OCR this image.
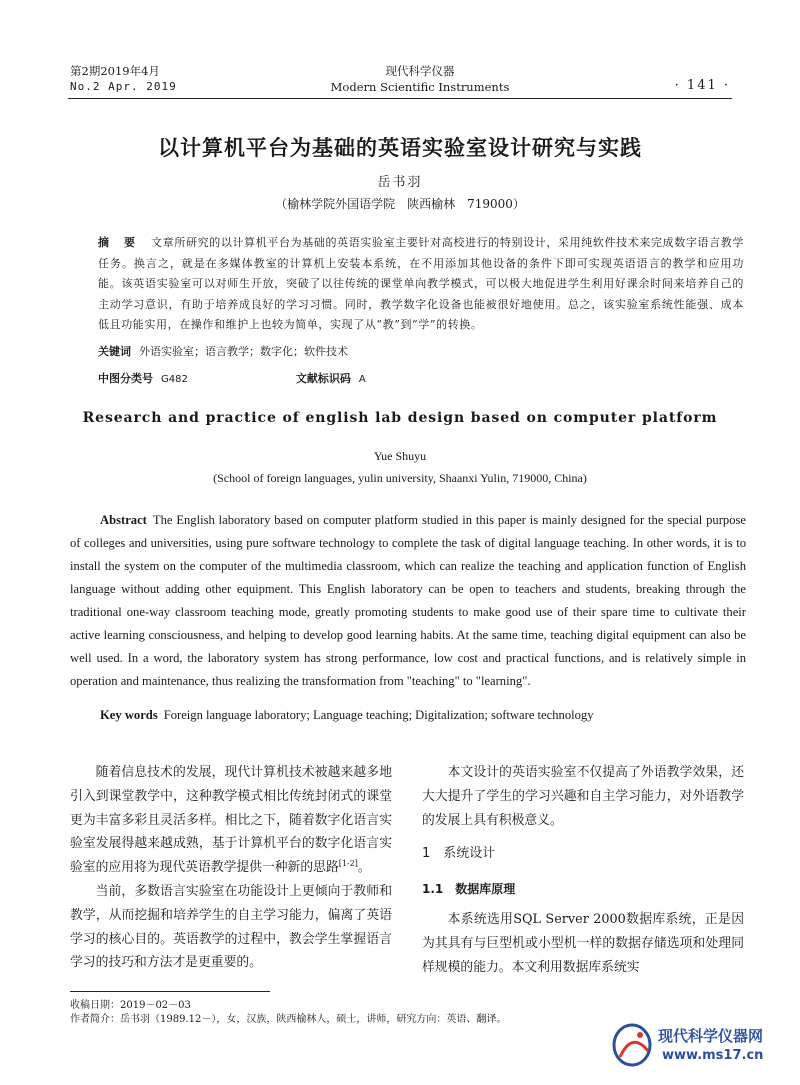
第2期2019年4月
No.2 Apr. 2019
现代科学仪器
Modern Scientific Instruments	· 141 ·
以计算机平台为基础的英语实验室设计研究与实践
岳书羽
（榆林学院外国语学院　陕西榆林　719000）
摘　要 文章所研究的以计算机平台为基础的英语实验室主要针对高校进行的特别设计，采用纯软件技术来完成数字语言教学任务。换言之，就是在多媒体教室的计算机上安装本系统，在不用添加其他设备的条件下即可实现英语语言的教学和应用功能。该英语实验室可以对师生开放，突破了以往传统的课堂单向教学模式，可以极大地促进学生利用好课余时间来培养自己的主动学习意识，有助于培养成良好的学习习惯。同时，教学数字化设备也能被很好地使用。总之，该实验室系统性能强、成本低且功能实用，在操作和维护上也较为简单，实现了从“教”到“学”的转换。
关键词 外语实验室；语言教学；数字化；软件技术
中图分类号 G482	文献标识码 A
Research and practice of english lab design based on computer platform
Yue Shuyu
(School of foreign languages, yulin university, Shaanxi Yulin, 719000, China)
Abstract The English laboratory based on computer platform studied in this paper is mainly designed for the special purpose of colleges and universities, using pure software technology to complete the task of digital language teaching. In other words, it is to install the system on the computer of the multimedia classroom, which can realize the teaching and application function of English language without adding other equipment. This English laboratory can be open to teachers and students, breaking through the traditional one-way classroom teaching mode, greatly promoting students to make good use of their spare time to cultivate their active learning consciousness, and helping to develop good learning habits. At the same time, teaching digital equipment can also be well used. In a word, the laboratory system has strong performance, low cost and practical functions, and is relatively simple in operation and maintenance, thus realizing the transformation from "teaching" to "learning".
Key words Foreign language laboratory; Language teaching; Digitalization; software technology

随着信息技术的发展，现代计算机技术被越来越多地引入到课堂教学中，这种教学模式相比传统封闭式的课堂更为丰富多彩且灵活多样。相比之下，随着数字化语言实验室发展得越来越成熟，基于计算机平台的数字化语言实验室的应用将为现代英语教学提供一种新的思路[1-2]。

当前，多数语言实验室在功能设计上更倾向于教师和教学，从而挖掘和培养学生的自主学习能力，偏离了英语学习的核心目的。英语教学的过程中，教会学生掌握语言学习的技巧和方法才是更重要的。

本文设计的英语实验室不仅提高了外语教学效果，还大大提升了学生的学习兴趣和自主学习能力，对外语教学的发展上具有积极意义。

1　系统设计
1.1　数据库原理

本系统选用SQL Server 2000数据库系统，正是因为其具有与巨型机或小型机一样的数据存储选项和处理同样规模的能力。本文利用数据库系统实

收稿日期：2019－02－03
作者简介：岳书羽（1989.12－），女，汉族，陕西榆林人，硕士，讲师，研究方向：英语、翻译。
现代科学仪器网
www.ms17.cn
